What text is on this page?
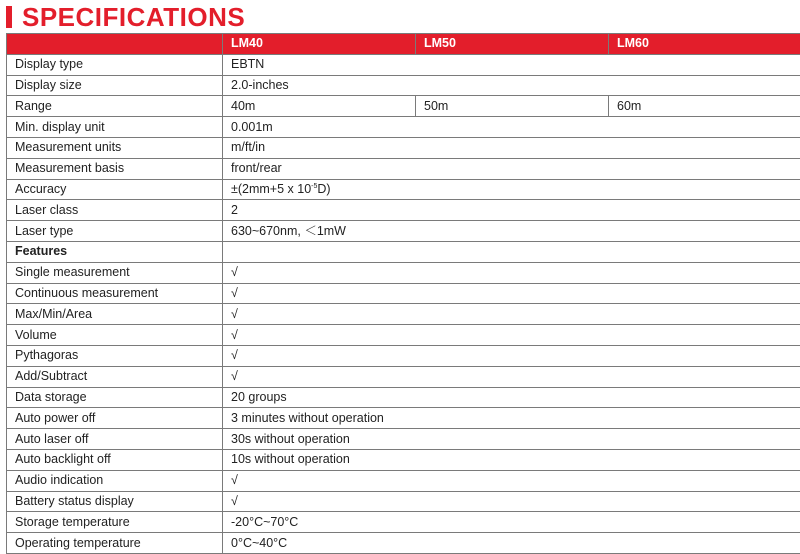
SPECIFICATIONS
	LM40	LM50	LM60
Display type	EBTN		
Display size	2.0-inches		
Range	40m	50m	60m
Min. display unit	0.001m		
Measurement units	m/ft/in		
Measurement basis	front/rear		
Accuracy	±(2mm+5 x $10^{-5}D$)		
Laser class	2		
Laser type	630~670nm, ＜1mW		
Features			
Single measurement	√		
Continuous measurement	√		
Max/Min/Area	√		
Volume	√		
Pythagoras	√		
Add/Subtract	√		
Data storage	20 groups		
Auto power off	3 minutes without operation		
Auto laser off	30s without operation		
Auto backlight off	10s without operation		
Audio indication	√		
Battery status display	√		
Storage temperature	-20°C~70°C		
Operating temperature	0°C~40°C		
